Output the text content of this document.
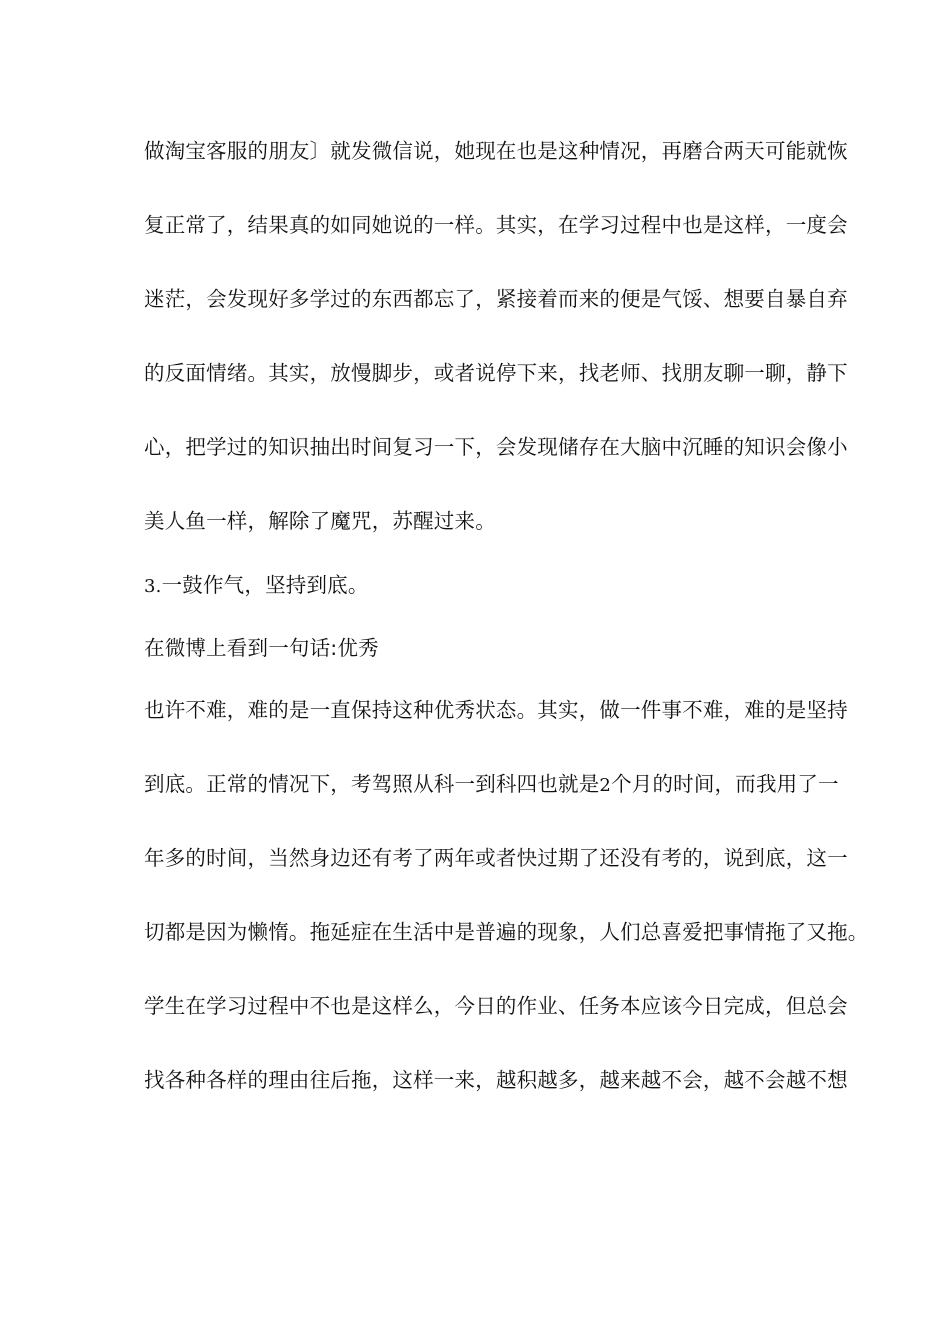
做淘宝客服的朋友〕就发微信说，她现在也是这种情况，再磨合两天可能就恢
复正常了，结果真的如同她说的一样。其实，在学习过程中也是这样，一度会
迷茫，会发现好多学过的东西都忘了，紧接着而来的便是气馁、想要自暴自弃
的反面情绪。其实，放慢脚步，或者说停下来，找老师、找朋友聊一聊，静下
心，把学过的知识抽出时间复习一下，会发现储存在大脑中沉睡的知识会像小
美人鱼一样，解除了魔咒，苏醒过来。
3.一鼓作气，坚持到底。
在微博上看到一句话:优秀
也许不难，难的是一直保持这种优秀状态。其实，做一件事不难，难的是坚持
到底。正常的情况下，考驾照从科一到科四也就是2个月的时间，而我用了一
年多的时间，当然身边还有考了两年或者快过期了还没有考的，说到底，这一
切都是因为懒惰。拖延症在生活中是普遍的现象，人们总喜爱把事情拖了又拖。
学生在学习过程中不也是这样么，今日的作业、任务本应该今日完成，但总会
找各种各样的理由往后拖，这样一来，越积越多，越来越不会，越不会越不想
